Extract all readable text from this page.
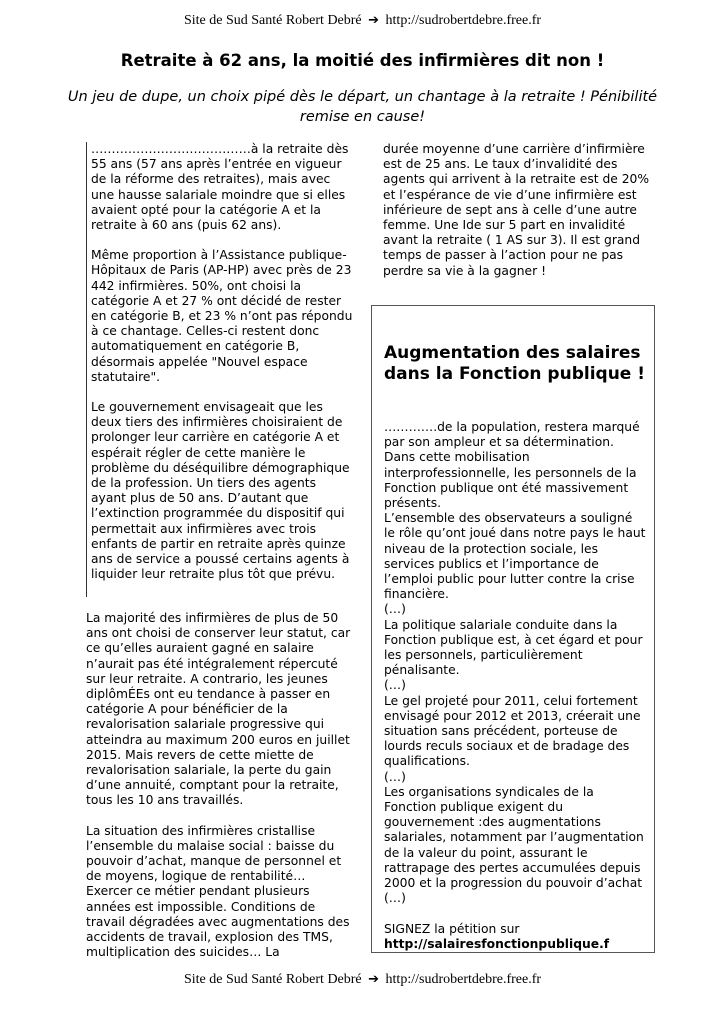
Site de Sud Santé Robert Debré ➔ http://sudrobertdebre.free.fr
Retraite à 62 ans, la moitié des infirmières dit non !
Un jeu de dupe, un choix pipé dès le départ, un chantage à la retraite ! Pénibilité remise en cause!

…………………………………à la retraite dès 55 ans (57 ans après l’entrée en vigueur de la réforme des retraites), mais avec une hausse salariale moindre que si elles avaient opté pour la catégorie A et la retraite à 60 ans (puis 62 ans).

Même proportion à l’Assistance publique-Hôpitaux de Paris (AP-HP) avec près de 23 442 infirmières. 50%, ont choisi la catégorie A et 27 % ont décidé de rester en catégorie B, et 23 % n’ont pas répondu à ce chantage. Celles-ci restent donc automatiquement en catégorie B, désormais appelée "Nouvel espace statutaire".

Le gouvernement envisageait que les deux tiers des infirmières choisiraient de prolonger leur carrière en catégorie A et espérait régler de cette manière le problème du déséquilibre démographique de la profession. Un tiers des agents ayant plus de 50 ans. D’autant que l’extinction programmée du dispositif qui permettait aux infirmières avec trois enfants de partir en retraite après quinze ans de service a poussé certains agents à liquider leur retraite plus tôt que prévu.

La majorité des infirmières de plus de 50 ans ont choisi de conserver leur statut, car ce qu’elles auraient gagné en salaire n’aurait pas été intégralement répercuté sur leur retraite. A contrario, les jeunes diplômÉEs ont eu tendance à passer en catégorie A pour bénéficier de la revalorisation salariale progressive qui atteindra au maximum 200 euros en juillet 2015. Mais revers de cette miette de revalorisation salariale, la perte du gain d’une annuité, comptant pour la retraite, tous les 10 ans travaillés.

La situation des infirmières cristallise l’ensemble du malaise social : baisse du pouvoir d’achat, manque de personnel et de moyens, logique de rentabilité… Exercer ce métier pendant plusieurs années est impossible. Conditions de travail dégradées avec augmentations des accidents de travail, explosion des TMS, multiplication des suicides… La

durée moyenne d’une carrière d’infirmière est de 25 ans. Le taux d’invalidité des agents qui arrivent à la retraite est de 20% et l’espérance de vie d’une infirmière est inférieure de sept ans à celle d’une autre femme. Une Ide sur 5 part en invalidité avant la retraite ( 1 AS sur 3). Il est grand temps de passer à l’action pour ne pas perdre sa vie à la gagner !

Augmentation des salaires dans la Fonction publique !

………….de la population, restera marqué par son ampleur et sa détermination.

Dans cette mobilisation interprofessionnelle, les personnels de la Fonction publique ont été massivement présents.

L’ensemble des observateurs a souligné le rôle qu’ont joué dans notre pays le haut niveau de la protection sociale, les services publics et l’importance de l’emploi public pour lutter contre la crise financière.

(…)

La politique salariale conduite dans la Fonction publique est, à cet égard et pour les personnels, particulièrement pénalisante.

(…)

Le gel projeté pour 2011, celui fortement envisagé pour 2012 et 2013, créerait une situation sans précédent, porteuse de lourds reculs sociaux et de bradage des qualifications.

(…)

Les organisations syndicales de la Fonction publique exigent du gouvernement :des augmentations salariales, notamment par l’augmentation de la valeur du point, assurant le rattrapage des pertes accumulées depuis 2000 et la progression du pouvoir d’achat (…)

SIGNEZ la pétition sur

http://salairesfonctionpublique.f

Site de Sud Santé Robert Debré ➔ http://sudrobertdebre.free.fr
